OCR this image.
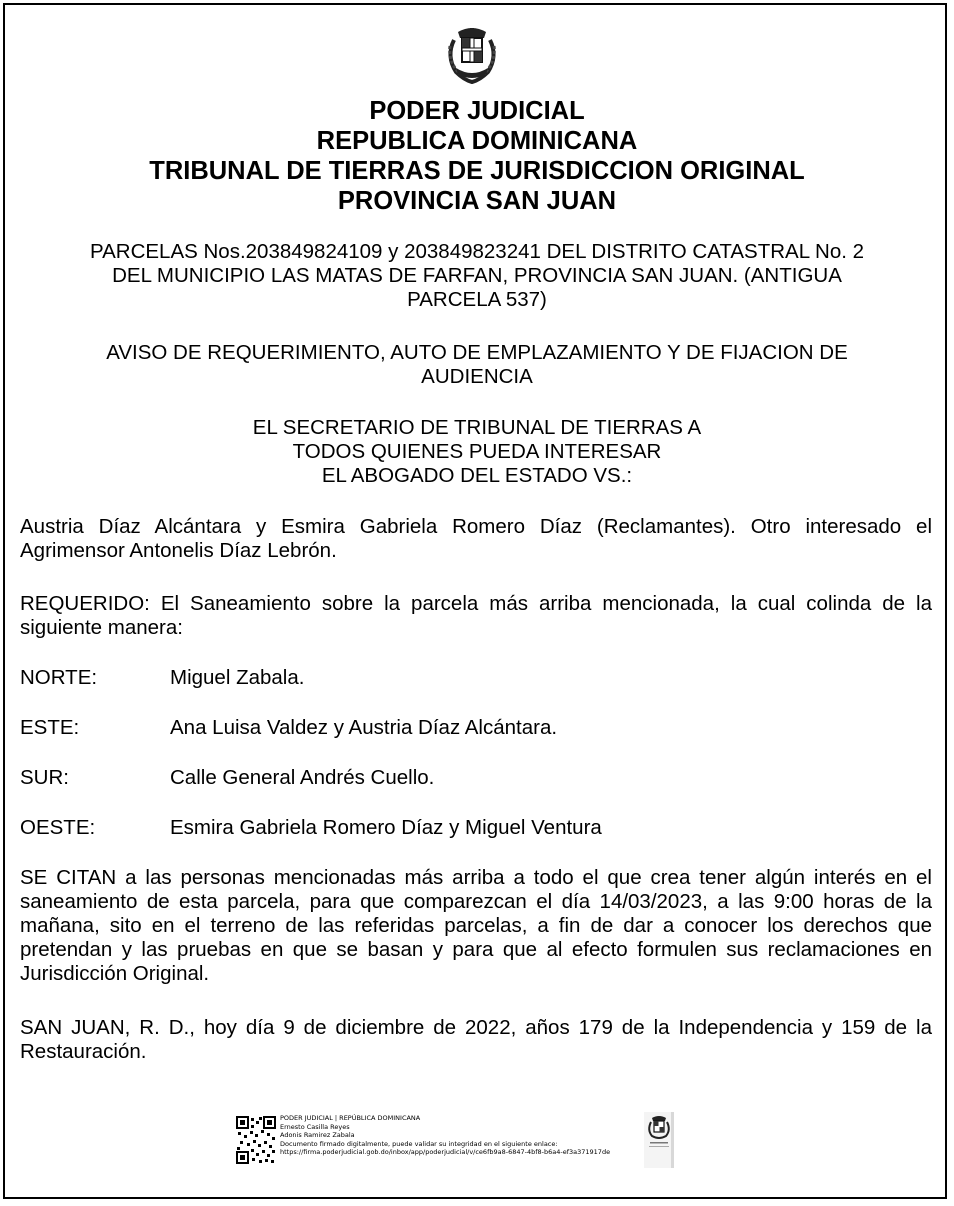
PODER JUDICIAL
REPUBLICA DOMINICANA
TRIBUNAL DE TIERRAS DE JURISDICCION ORIGINAL
PROVINCIA SAN JUAN
PARCELAS Nos.203849824109 y 203849823241 DEL DISTRITO CATASTRAL No. 2
DEL MUNICIPIO LAS MATAS DE FARFAN, PROVINCIA SAN JUAN. (ANTIGUA
PARCELA 537)
AVISO DE REQUERIMIENTO, AUTO DE EMPLAZAMIENTO Y DE FIJACION DE
AUDIENCIA
EL SECRETARIO DE TRIBUNAL DE TIERRAS A
TODOS QUIENES PUEDA INTERESAR
EL ABOGADO DEL ESTADO VS.:
Austria Díaz Alcántara y Esmira Gabriela Romero Díaz (Reclamantes). Otro interesado el Agrimensor Antonelis Díaz Lebrón.
REQUERIDO: El Saneamiento sobre la parcela más arriba mencionada, la cual colinda de la siguiente manera:
NORTE:	Miguel Zabala.
ESTE:	Ana Luisa Valdez y Austria Díaz Alcántara.
SUR:	Calle General Andrés Cuello.
OESTE:	Esmira Gabriela Romero Díaz y Miguel Ventura
SE CITAN a las personas mencionadas más arriba a todo el que crea tener algún interés en el saneamiento de esta parcela, para que comparezcan el día 14/03/2023, a las 9:00 horas de la mañana, sito en el terreno de las referidas parcelas, a fin de dar a conocer los derechos que pretendan y las pruebas en que se basan y para que al efecto formulen sus reclamaciones en Jurisdicción Original.
SAN JUAN, R. D., hoy día 9 de diciembre de 2022, años 179 de la Independencia y 159 de la Restauración.
PODER JUDICIAL | REPÚBLICA DOMINICANA
Ernesto Casilla Reyes
Adonis Ramirez Zabala
Documento firmado digitalmente, puede validar su integridad en el siguiente enlace:
https://firma.poderjudicial.gob.do/inbox/app/poderjudicial/v/ce6fb9a8-6847-4bf8-b6a4-ef3a371917de
